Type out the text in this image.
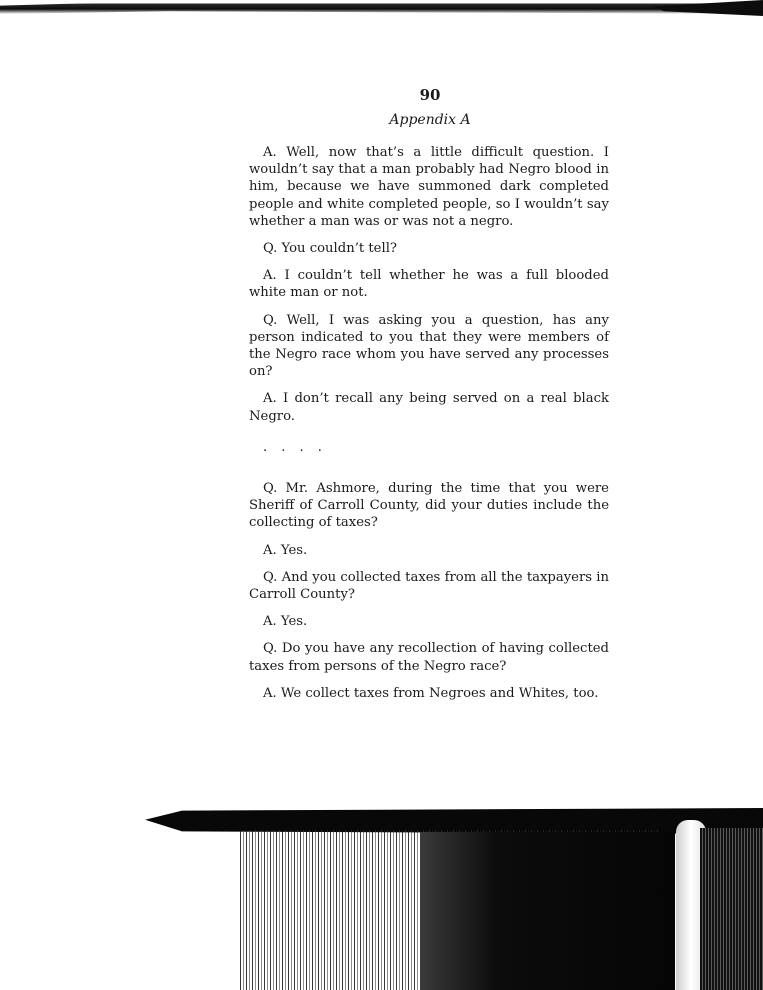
90
Appendix A

A. Well, now that’s a little difficult question. I wouldn’t say that a man probably had Negro blood in him, because we have summoned dark completed people and white completed people, so I wouldn’t say whether a man was or was not a negro.

Q. You couldn’t tell?

A. I couldn’t tell whether he was a full blooded white man or not.

Q. Well, I was asking you a question, has any person indicated to you that they were members of the Negro race whom you have served any processes on?

A. I don’t recall any being served on a real black Negro.

. . . .

Q. Mr. Ashmore, during the time that you were Sheriff of Carroll County, did your duties include the collecting of taxes?

A. Yes.

Q. And you collected taxes from all the taxpayers in Carroll County?

A. Yes.

Q. Do you have any recollection of having collected taxes from persons of the Negro race?

A. We collect taxes from Negroes and Whites, too.
